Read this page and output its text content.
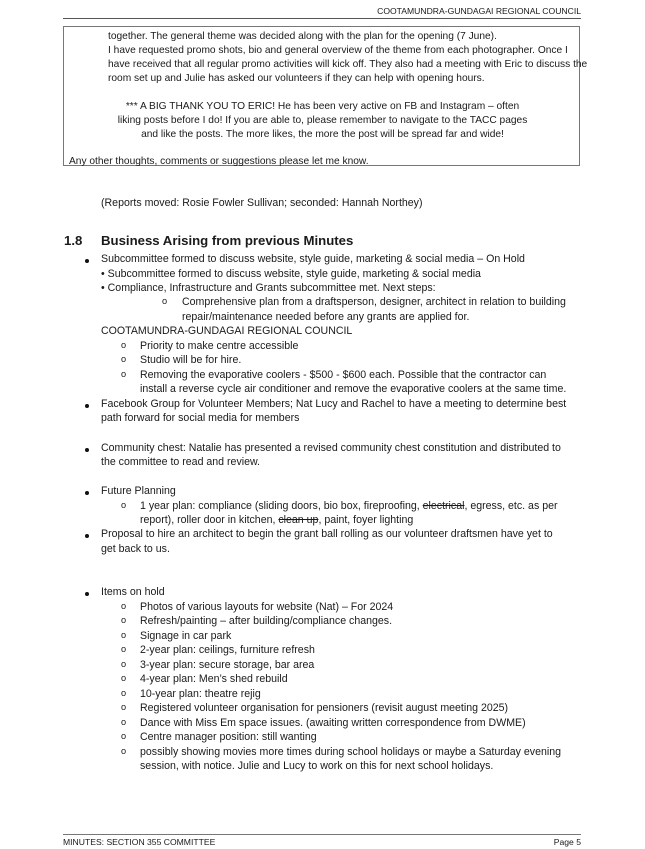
COOTAMUNDRA-GUNDAGAI REGIONAL COUNCIL
together. The general theme was decided along with the plan for the opening (7 June).
I have requested promo shots, bio and general overview of the theme from each photographer. Once I
have received that all regular promo activities will kick off. They also had a meeting with Eric to discuss the
room set up and Julie has asked our volunteers if they can help with opening hours.
*** A BIG THANK YOU TO ERIC! He has been very active on FB and Instagram – often
liking posts before I do! If you are able to, please remember to navigate to the TACC pages
and like the posts. The more likes, the more the post will be spread far and wide!
Any other thoughts, comments or suggestions please let me know.
(Reports moved: Rosie Fowler Sullivan; seconded: Hannah Northey)
1.8 Business Arising from previous Minutes
Subcommittee formed to discuss website, style guide, marketing & social media – On Hold
• Subcommittee formed to discuss website, style guide, marketing & social media
• Compliance, Infrastructure and Grants subcommittee met. Next steps:
o Comprehensive plan from a draftsperson, designer, architect in relation to building
repair/maintenance needed before any grants are applied for.
COOTAMUNDRA-GUNDAGAI REGIONAL COUNCIL
o Priority to make centre accessible
o Studio will be for hire.
o Removing the evaporative coolers - $500 - $600 each. Possible that the contractor can
install a reverse cycle air conditioner and remove the evaporative coolers at the same time.
Facebook Group for Volunteer Members; Nat Lucy and Rachel to have a meeting to determine best
path forward for social media for members
Community chest: Natalie has presented a revised community chest constitution and distributed to
the committee to read and review.
Future Planning
o 1 year plan: compliance (sliding doors, bio box, fireproofing, electrical, egress, etc. as per
report), roller door in kitchen, clean up, paint, foyer lighting
Proposal to hire an architect to begin the grant ball rolling as our volunteer draftsmen have yet to
get back to us.
Items on hold
o Photos of various layouts for website (Nat) – For 2024
o Refresh/painting – after building/compliance changes.
o Signage in car park
o 2-year plan: ceilings, furniture refresh
o 3-year plan: secure storage, bar area
o 4-year plan: Men’s shed rebuild
o 10-year plan: theatre rejig
o Registered volunteer organisation for pensioners (revisit august meeting 2025)
o Dance with Miss Em space issues. (awaiting written correspondence from DWME)
o Centre manager position: still wanting
o possibly showing movies more times during school holidays or maybe a Saturday evening
session, with notice. Julie and Lucy to work on this for next school holidays.
MINUTES: SECTION 355 COMMITTEE	Page 5
